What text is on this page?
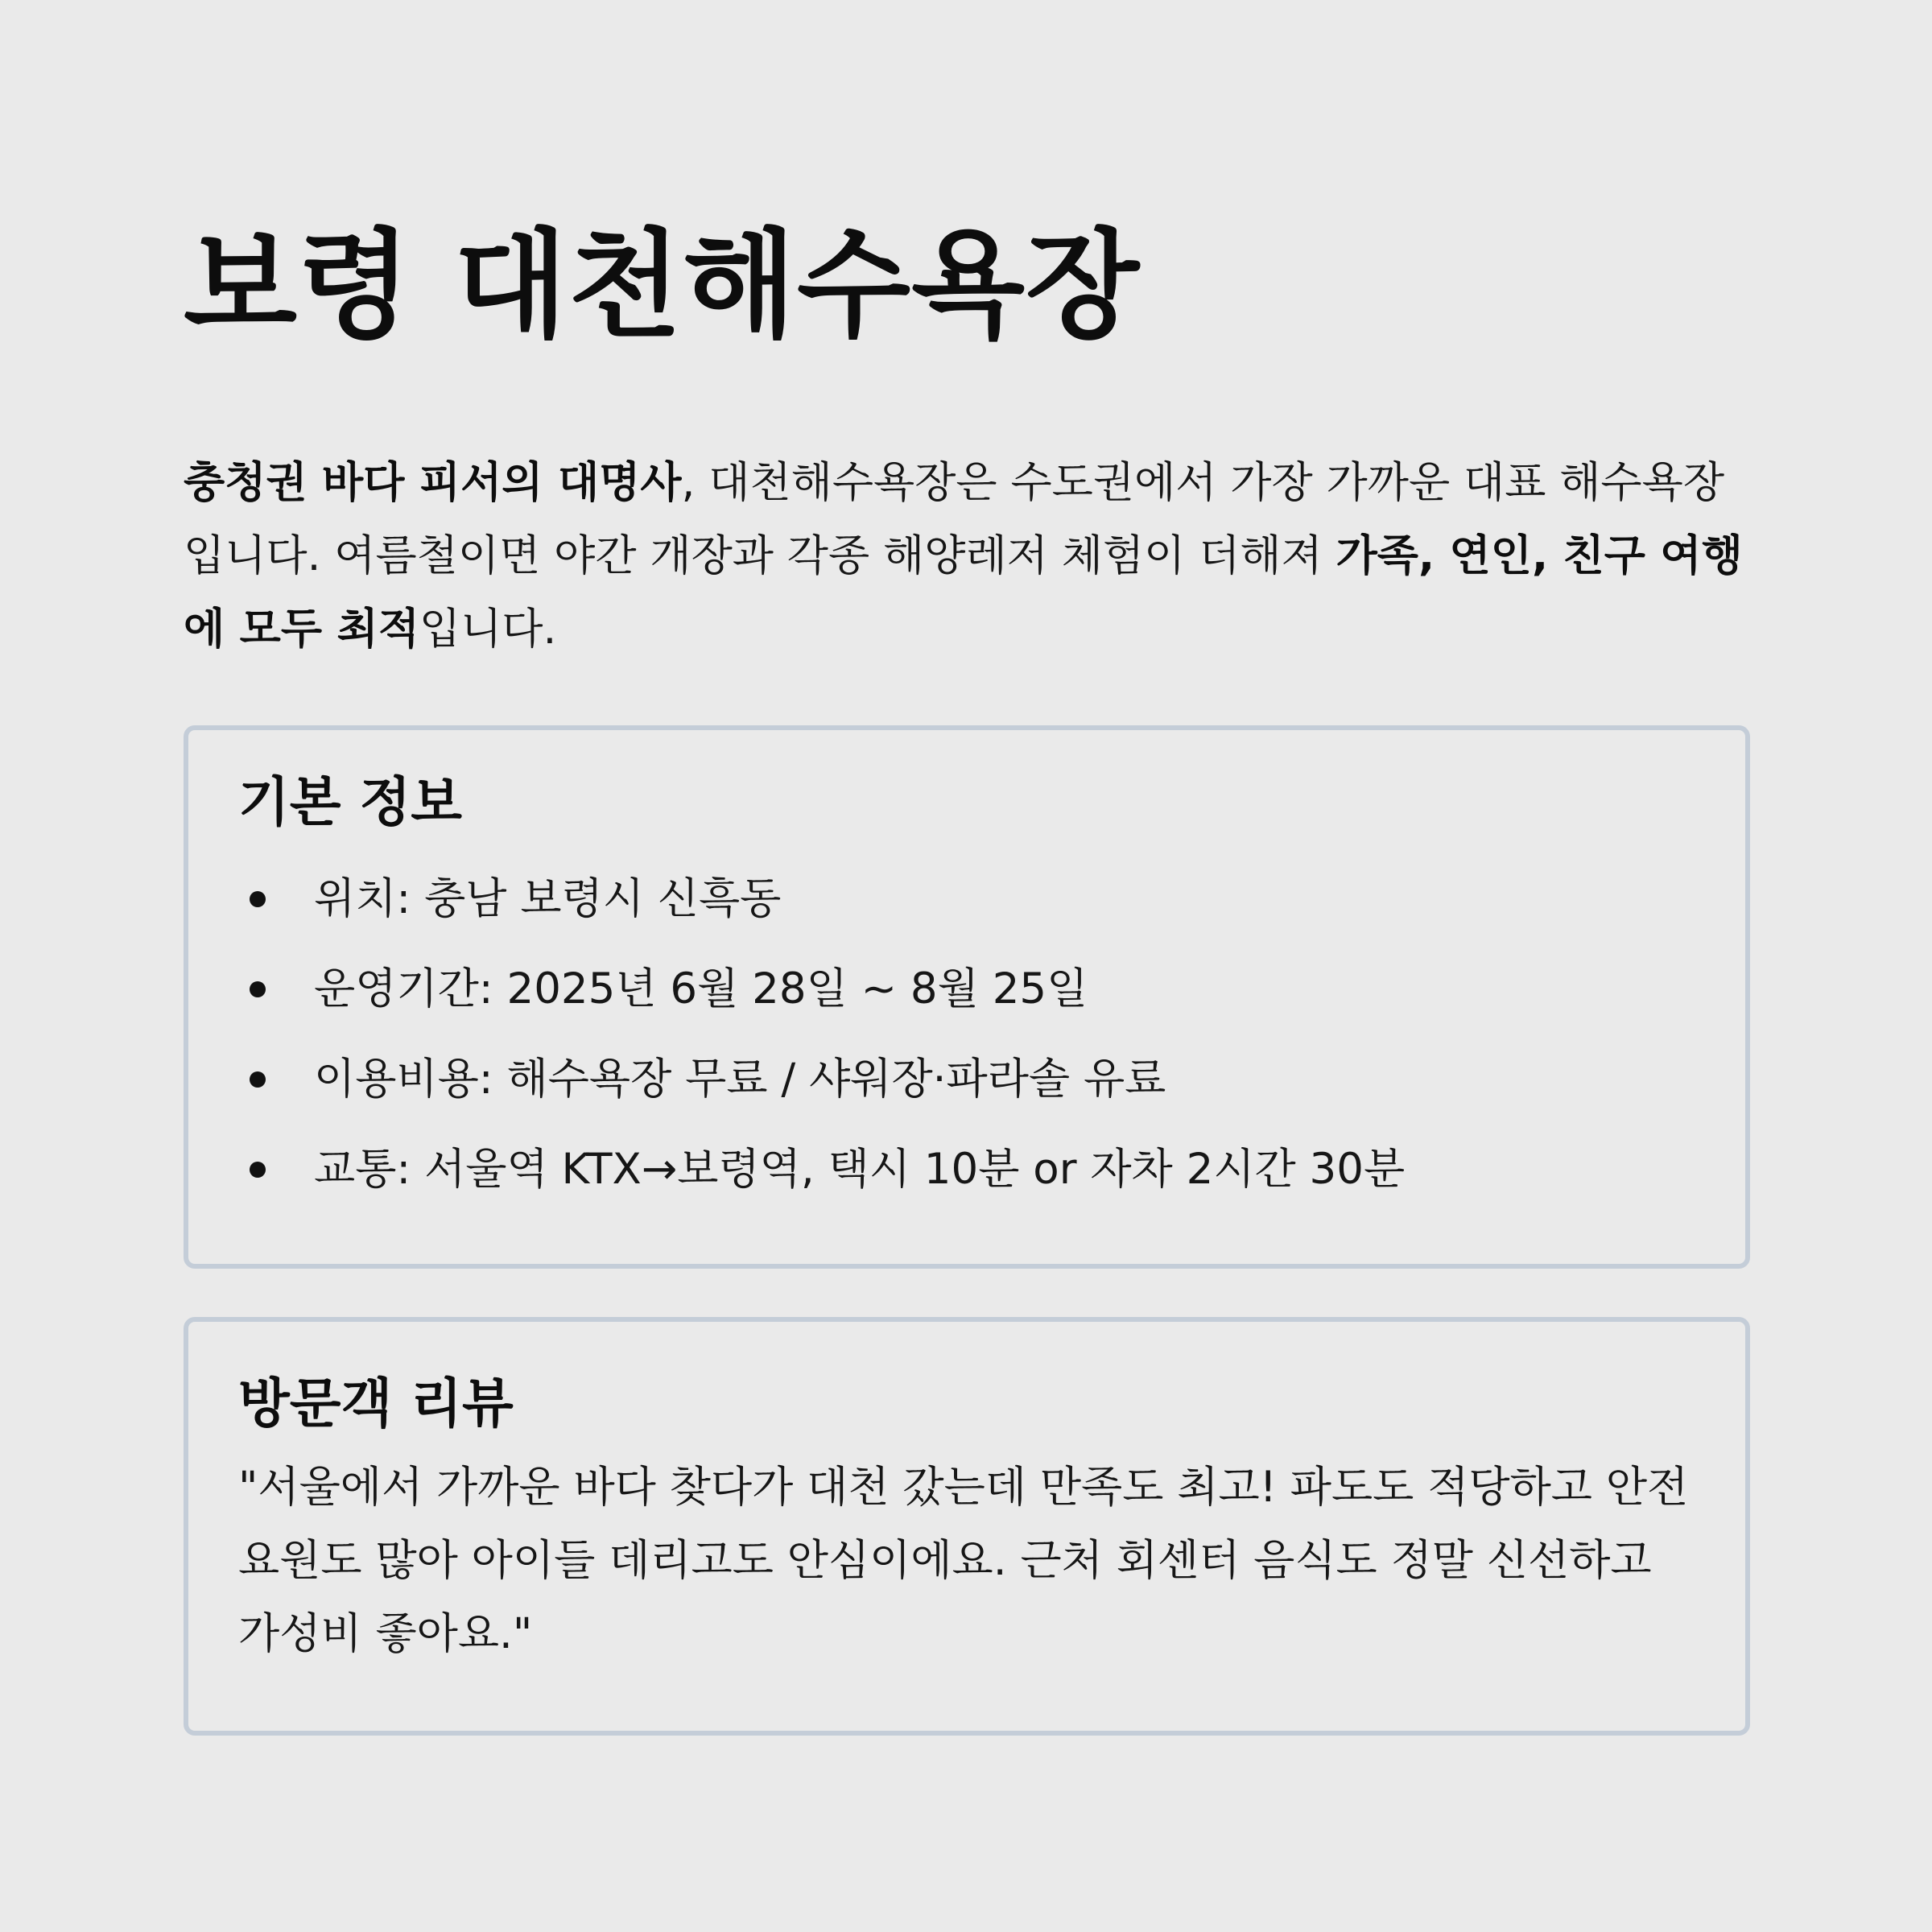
보령 대천해수욕장

충청권 바다 피서의 대명사, 대천해수욕장은 수도권에서 가장 가까운 대표 해수욕장입니다. 여름철이면 야간 개장과 각종 해양레저 체험이 더해져 가족, 연인, 친구 여행에 모두 최적입니다.

기본 정보
위치: 충남 보령시 신흑동
운영기간: 2025년 6월 28일 ~ 8월 25일
이용비용: 해수욕장 무료 / 샤워장·파라솔 유료
교통: 서울역 KTX→보령역, 택시 10분 or 자차 2시간 30분
방문객 리뷰

"서울에서 가까운 바다 찾다가 대천 갔는데 만족도 최고! 파도도 적당하고 안전요원도 많아 아이들 데리고도 안심이에요. 근처 회센터 음식도 정말 신선하고 가성비 좋아요."
